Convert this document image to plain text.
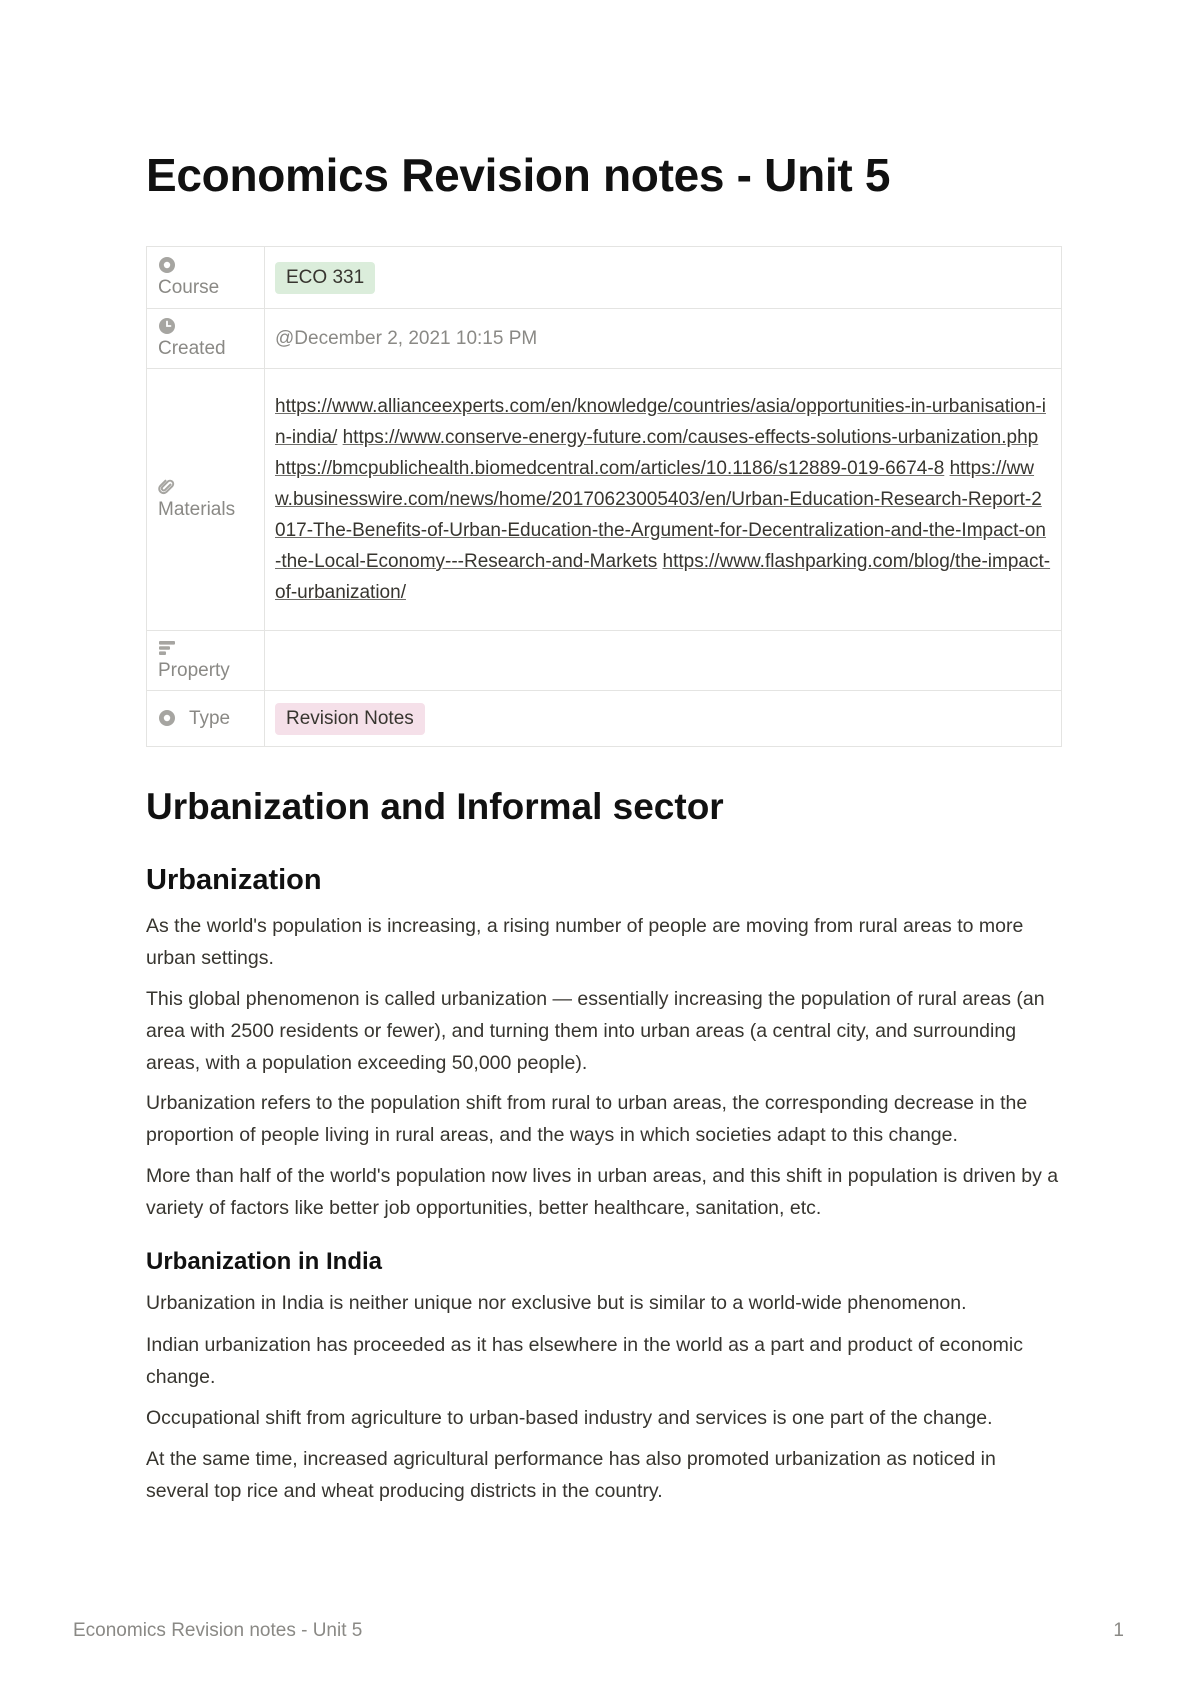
Economics Revision notes - Unit 5
Course	ECO 331

Created	@December 2, 2021 10:15 PM

Materials	https://www.allianceexperts.com/en/knowledge/countries/asia/opportunities-in-urbanisation-in-india/ https://www.conserve-energy-future.com/causes-effects-solutions-urbanization.php https://bmcpublichealth.biomedcentral.com/articles/10.1186/s12889-019-6674-8 https://www.businesswire.com/news/home/20170623005403/en/Urban-Education-Research-Report-2017-The-Benefits-of-Urban-Education-the-Argument-for-Decentralization-and-the-Impact-on-the-Local-Economy---Research-and-Markets https://www.flashparking.com/blog/the-impact-of-urbanization/

Property	
Type	Revision Notes
Urbanization and Informal sector
Urbanization

As the world's population is increasing, a rising number of people are moving from rural areas to more urban settings.

This global phenomenon is called urbanization — essentially increasing the population of rural areas (an area with 2500 residents or fewer), and turning them into urban areas (a central city, and surrounding areas, with a population exceeding 50,000 people).

Urbanization refers to the population shift from rural to urban areas, the corresponding decrease in the proportion of people living in rural areas, and the ways in which societies adapt to this change.

More than half of the world's population now lives in urban areas, and this shift in population is driven by a variety of factors like better job opportunities, better healthcare, sanitation, etc.

Urbanization in India

Urbanization in India is neither unique nor exclusive but is similar to a world-wide phenomenon.

Indian urbanization has proceeded as it has elsewhere in the world as a part and product of economic change.

Occupational shift from agriculture to urban-based industry and services is one part of the change.

At the same time, increased agricultural performance has also promoted urbanization as noticed in several top rice and wheat producing districts in the country.

Economics Revision notes - Unit 5	1
